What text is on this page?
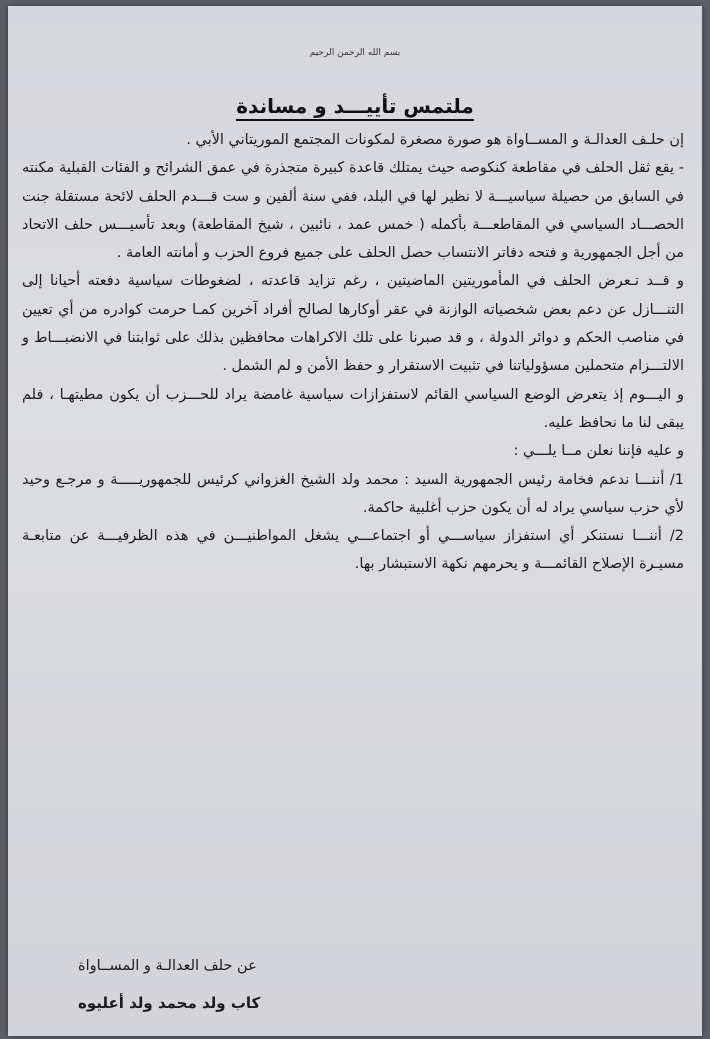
بسم الله الرحمن الرحيم
ملتمس تأييـــد و مساندة

إن حلـف العدالـة و المســاواة هو صورة مصغرة لمكونات المجتمع الموريتاني الأبي .

- يقع ثقل الحلف في مقاطعة كنكوصه حيث يمتلك قاعدة كبيرة متجذرة في عمق الشرائح و الفئات القبلية مكنته في السابق من حصيلة سياسيـــة لا نظير لها في البلد، ففي سنة ألفين و ست قـــدم الحلف لائحة مستقلة جنت الحصـــاد السياسي في المقاطعـــة بأكمله ( خمس عمد ، نائبين ، شيخ المقاطعة) وبعد تأسيـــس حلف الاتحاد من أجل الجمهورية و فتحه دفاتر الانتساب حصل الحلف على جميع فروع الحزب و أمانته العامة .

و قــد تـعرض الحلف في المأموريتين الماضيتين ، رغم تزايد قاعدته ، لضغوطات سياسية دفعته أحيانا إلى التنـــازل عن دعم بعض شخصياته الوازنة في عقر أوكارها لصالح أفراد آخرين كمـا حرمت كوادره من أي تعيين في مناصب الحكم و دوائر الدولة ، و قد صبرنا على تلك الاكراهات محافظين بذلك على ثوابتنا في الانضبـــاط و الالتـــزام متحملين مسؤولياتنا في تثبيت الاستقرار و حفظ الأمن و لم الشمل .

و اليـــوم إذ يتعرض الوضع السياسي القائم لاستفزازات سياسية غامضة يراد للحـــزب أن يكون مطيتهـا ، فلم يبقى لنا ما نحافظ عليه.

و عليه فإننا نعلن مــا يلـــي :

1/ أننـــا ندعم فخامة رئيس الجمهورية السيد : محمد ولد الشيخ الغزواني كرئيس للجمهوريـــــة و مرجـع وحيد لأي حزب سياسي يراد له أن يكون حزب أغلبية حاكمة.

2/ أننـــا نستنكر أي استفزاز سياســـي أو اجتماعـــي يشغل المواطنيـــن في هذه الظرفيـــة عن متابعـة مسيـرة الإصلاح القائمـــة و يحرمهم نكهة الاستبشار بها.

عن حلف العدالـة و المســاواة
كاب ولد محمد ولد أعليوه
